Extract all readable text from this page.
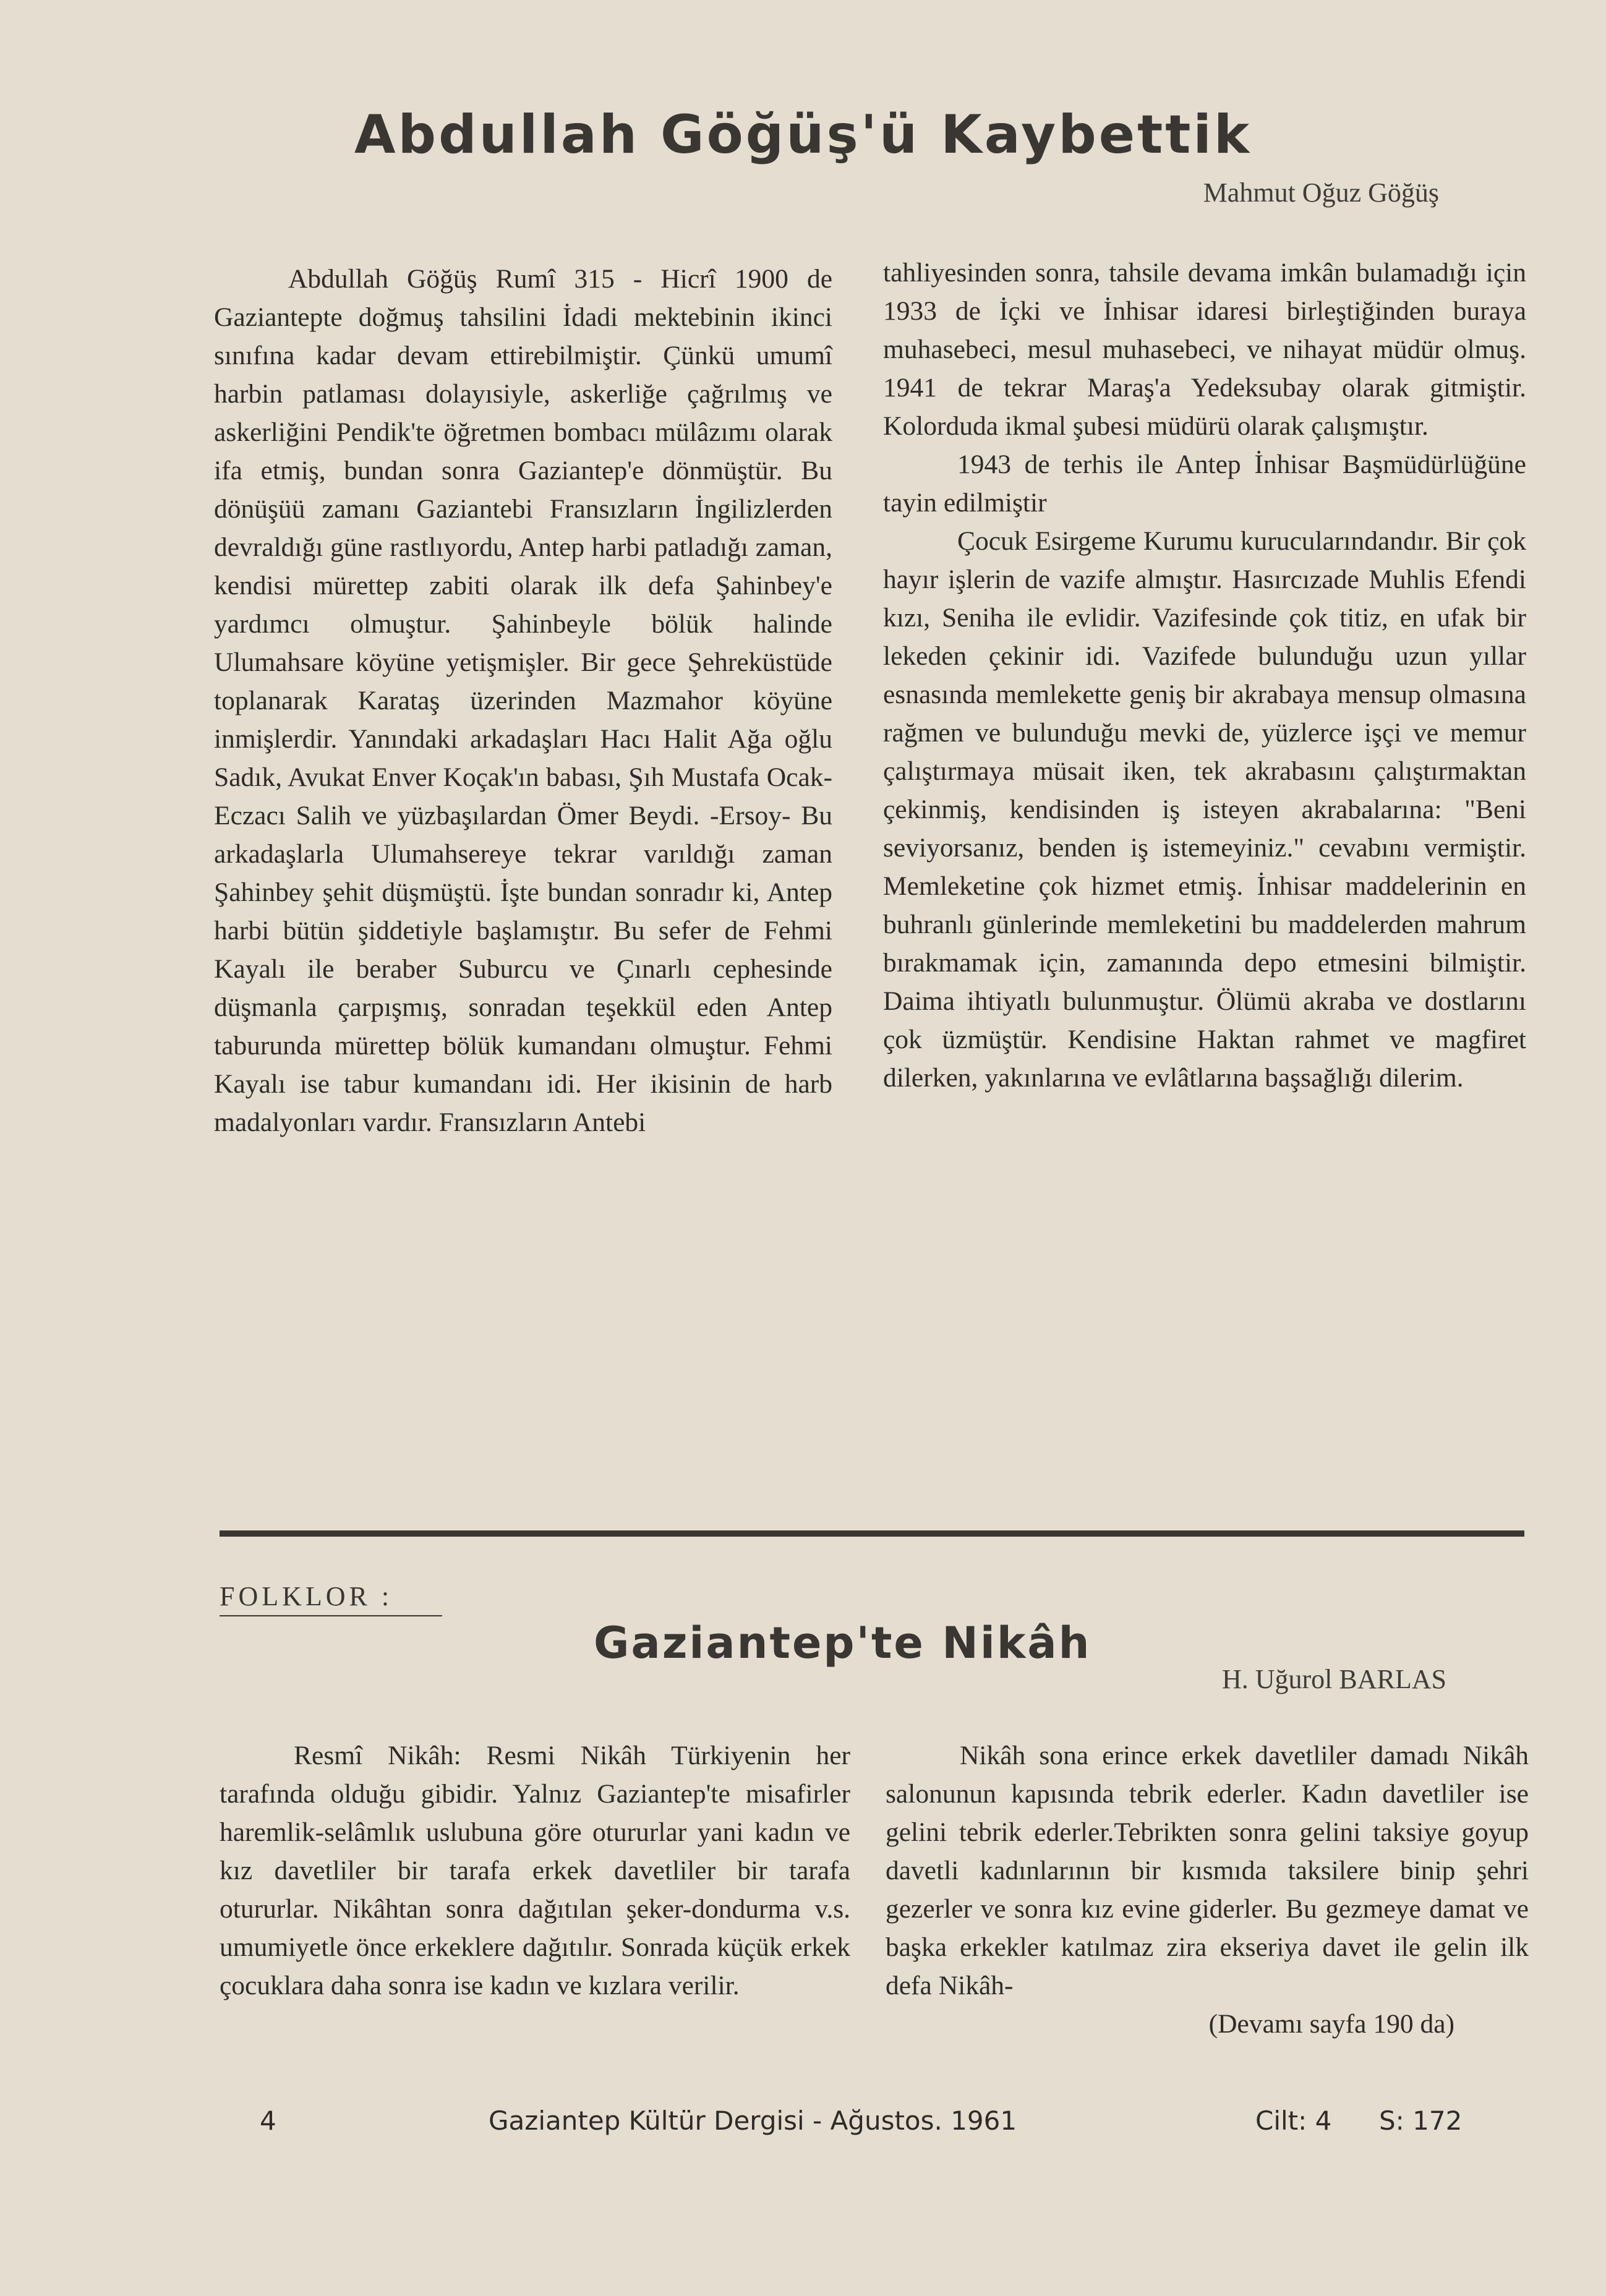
Abdullah Göğüş'ü Kaybettik
Mahmut Oğuz Göğüş

Abdullah Göğüş Rumî 315 - Hicrî 1900 de Gaziantepte doğmuş tahsilini İdadi mektebinin ikinci sınıfına kadar devam ettirebilmiştir. Çünkü umumî harbin patlaması dolayısiyle, askerliğe çağrılmış ve askerliğini Pendik'te öğretmen bombacı mülâzımı olarak ifa etmiş, bundan sonra Gaziantep'e dönmüştür. Bu dönüşüü zamanı Gaziantebi Fransızların İngilizlerden devraldığı güne rastlıyordu, Antep harbi patladığı zaman, kendisi mürettep zabiti olarak ilk defa Şahinbey'e yardımcı olmuştur. Şahinbeyle bölük halinde Ulumahsare köyüne yetişmişler. Bir gece Şehreküstüde toplanarak Karataş üzerinden Mazmahor köyüne inmişlerdir. Yanındaki arkadaşları Hacı Halit Ağa oğlu Sadık, Avukat Enver Koçak'ın babası, Şıh Mustafa Ocak- Eczacı Salih ve yüzbaşılardan Ömer Beydi. -Ersoy- Bu arkadaşlarla Ulumahsereye tekrar varıldığı zaman Şahinbey şehit düşmüştü. İşte bundan sonradır ki, Antep harbi bütün şiddetiyle başlamıştır. Bu sefer de Fehmi Kayalı ile beraber Suburcu ve Çınarlı cephesinde düşmanla çarpışmış, sonradan teşekkül eden Antep taburunda mürettep bölük kumandanı olmuştur. Fehmi Kayalı ise tabur kumandanı idi. Her ikisinin de harb madalyonları vardır. Fransızların Antebi

tahliyesinden sonra, tahsile devama imkân bulamadığı için 1933 de İçki ve İnhisar idaresi birleştiğinden buraya muhasebeci, mesul muhasebeci, ve nihayat müdür olmuş. 1941 de tekrar Maraş'a Yedeksubay olarak gitmiştir. Kolorduda ikmal şubesi müdürü olarak çalışmıştır.

1943 de terhis ile Antep İnhisar Başmüdürlüğüne tayin edilmiştir

Çocuk Esirgeme Kurumu kurucularındandır. Bir çok hayır işlerin de vazife almıştır. Hasırcızade Muhlis Efendi kızı, Seniha ile evlidir. Vazifesinde çok titiz, en ufak bir lekeden çekinir idi. Vazifede bulunduğu uzun yıllar esnasında memlekette geniş bir akrabaya mensup olmasına rağmen ve bulunduğu mevki de, yüzlerce işçi ve memur çalıştırmaya müsait iken, tek akrabasını çalıştırmaktan çekinmiş, kendisinden iş isteyen akrabalarına: "Beni seviyorsanız, benden iş istemeyiniz." cevabını vermiştir. Memleketine çok hizmet etmiş. İnhisar maddelerinin en buhranlı günlerinde memleketini bu maddelerden mahrum bırakmamak için, zamanında depo etmesini bilmiştir. Daima ihtiyatlı bulunmuştur. Ölümü akraba ve dostlarını çok üzmüştür. Kendisine Haktan rahmet ve magfiret dilerken, yakınlarına ve evlâtlarına başsağlığı dilerim.

FOLKLOR :
Gaziantep'te Nikâh
H. Uğurol BARLAS

Resmî Nikâh: Resmi Nikâh Türkiyenin her tarafında olduğu gibidir. Yalnız Gaziantep'te misafirler haremlik-selâmlık uslubuna göre otururlar yani kadın ve kız davetliler bir tarafa erkek davetliler bir tarafa otururlar. Nikâhtan sonra dağıtılan şeker-dondurma v.s. umumiyetle önce erkeklere dağıtılır. Sonrada küçük erkek çocuklara daha sonra ise kadın ve kızlara verilir.

Nikâh sona erince erkek davetliler damadı Nikâh salonunun kapısında tebrik ederler. Kadın davetliler ise gelini tebrik ederler.Tebrikten sonra gelini taksiye goyup davetli kadınlarının bir kısmıda taksilere binip şehri gezerler ve sonra kız evine giderler. Bu gezmeye damat ve başka erkekler katılmaz zira ekseriya davet ile gelin ilk defa Nikâh-

(Devamı sayfa 190 da)
4	Gaziantep Kültür Dergisi - Ağustos. 1961	Cilt: 4 S: 172
